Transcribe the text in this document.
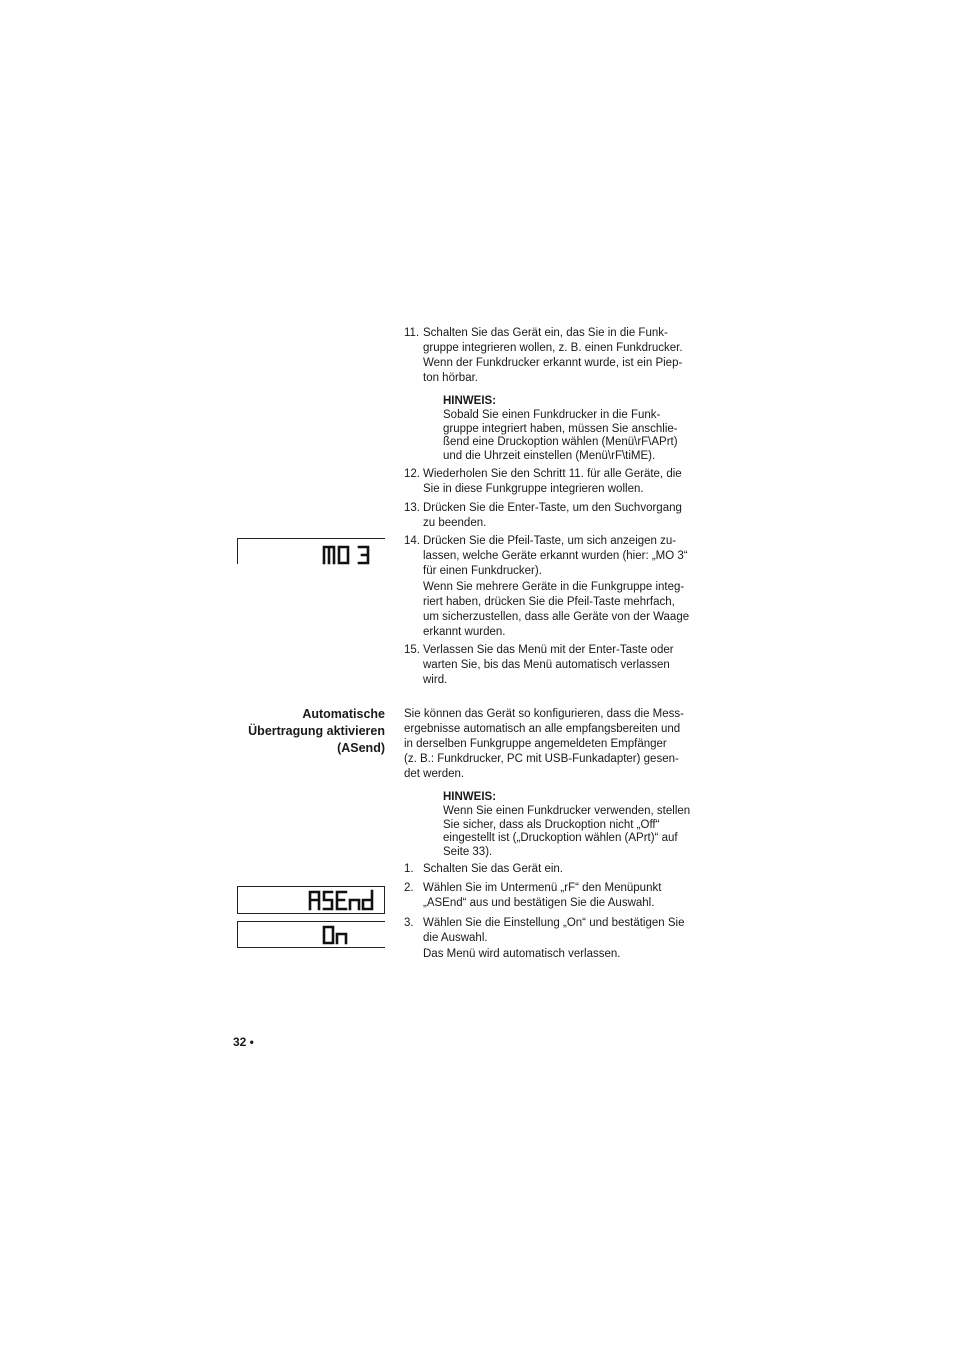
11. Schalten Sie das Gerät ein, das Sie in die Funk-
gruppe integrieren wollen, z. B. einen Funkdrucker.
Wenn der Funkdrucker erkannt wurde, ist ein Piep-
ton hörbar.
HINWEIS:
Sobald Sie einen Funkdrucker in die Funk-
gruppe integriert haben, müssen Sie anschlie-
ßend eine Druckoption wählen (Menü\rF\APrt)
und die Uhrzeit einstellen (Menü\rF\tiME).
12. Wiederholen Sie den Schritt 11. für alle Geräte, die
Sie in diese Funkgruppe integrieren wollen.
13. Drücken Sie die Enter-Taste, um den Suchvorgang
zu beenden.
14. Drücken Sie die Pfeil-Taste, um sich anzeigen zu-
lassen, welche Geräte erkannt wurden (hier: „MO 3“
für einen Funkdrucker).
Wenn Sie mehrere Geräte in die Funkgruppe integ-
riert haben, drücken Sie die Pfeil-Taste mehrfach,
um sicherzustellen, dass alle Geräte von der Waage
erkannt wurden.
15. Verlassen Sie das Menü mit der Enter-Taste oder
warten Sie, bis das Menü automatisch verlassen
wird.
Automatische
Übertragung aktivieren
(ASend)
Sie können das Gerät so konfigurieren, dass die Mess-
ergebnisse automatisch an alle empfangsbereiten und
in derselben Funkgruppe angemeldeten Empfänger
(z. B.: Funkdrucker, PC mit USB-Funkadapter) gesen-
det werden.
HINWEIS:
Wenn Sie einen Funkdrucker verwenden, stellen
Sie sicher, dass als Druckoption nicht „Off“
eingestellt ist („Druckoption wählen (APrt)“ auf
Seite 33).
1. Schalten Sie das Gerät ein.
2. Wählen Sie im Untermenü „rF“ den Menüpunkt
„ASEnd“ aus und bestätigen Sie die Auswahl.
3. Wählen Sie die Einstellung „On“ und bestätigen Sie
die Auswahl.
Das Menü wird automatisch verlassen.
32 •
